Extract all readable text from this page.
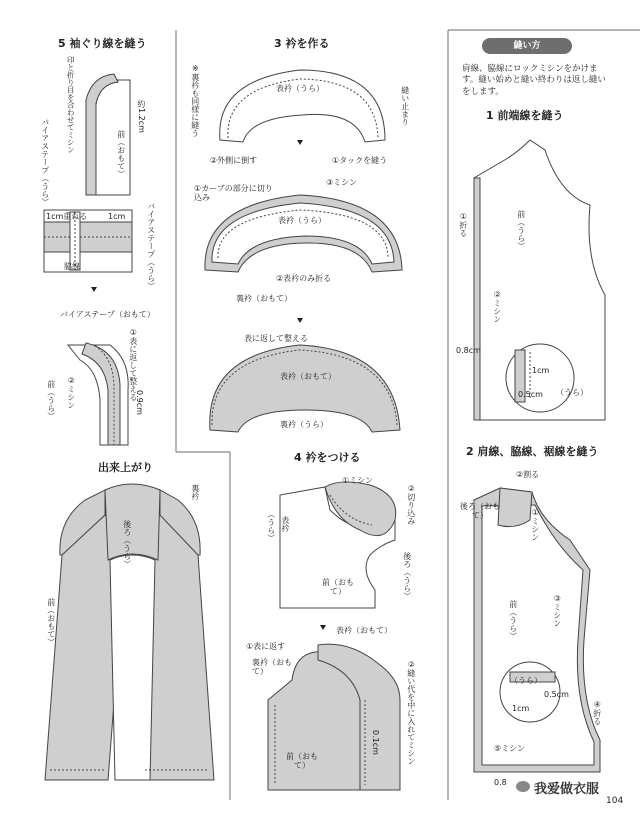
5 袖ぐり線を縫う
印と折り目を合わせてミシン	約1.2cm
前（おもて）
バイアステープ（うら）
1cm重ねる	1cm	バイアステープ（うら）
脇線
バイアステープ（おもて）
①表に返して整える
前（うら） ②ミシン	0.9cm
出来上がり
裏衿
後ろ（うら）
前（おもて）
3 衿を作る
※裏衿も同様に縫う	表衿（うら）	縫い止まり
②外側に倒す	①タックを縫う
①カーブの部分に切り込み
③ミシン
表衿（うら）
②表衿のみ折る
裏衿（おもて）
表に返して整える
表衿（おもて）
裏衿（うら）
4 衿をつける
①ミシン
②切り込み
表衿
（うら）
後ろ（うら）
前（おもて）
表衿（おもて）
①表に返す
裏衿（おもて）
前（おもて）
②縫い代を中に入れてミシン
0.1cm
縫い方
肩線、脇線にロックミシンをかけます。縫い始めと縫い終わりは返し縫いをします。
1 前端線を縫う
①折る	前（うら）
②ミシン
0.8cm
1cm
0.5cm （うら）
2 肩線、脇線、裾線を縫う
②割る
後ろ（おもて）	①ミシン
前（うら）	③ミシン
（うら）
1cm
0.5cm
④折る
⑤ミシン
0.8 我爱做衣服
104
